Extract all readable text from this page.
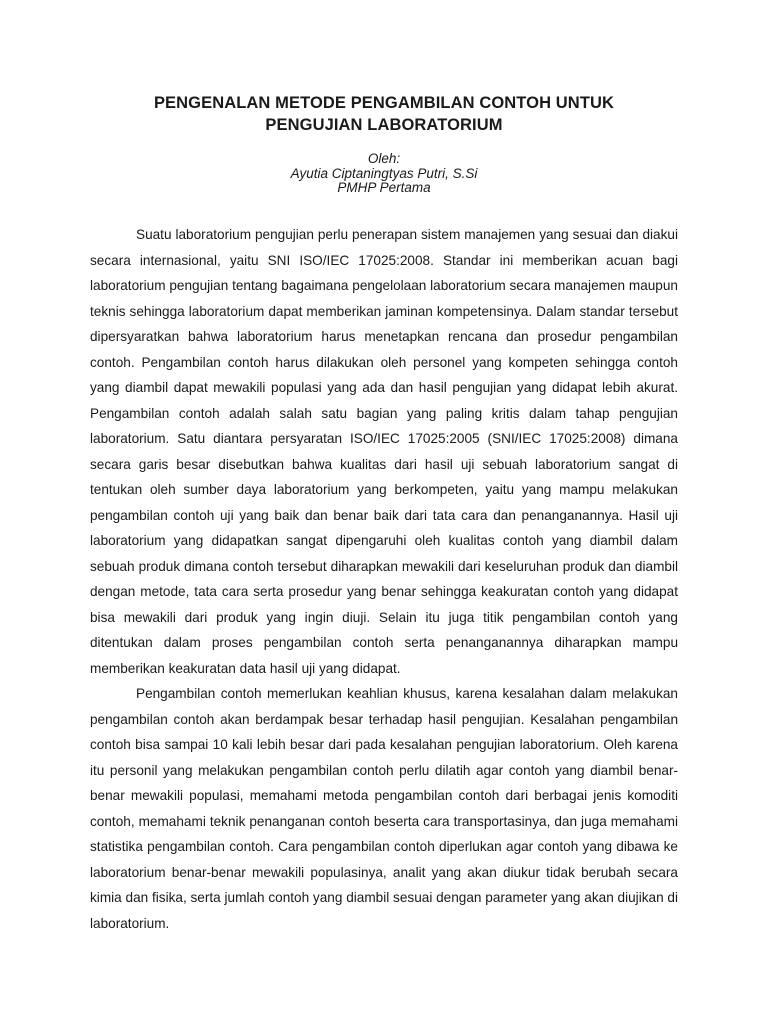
PENGENALAN METODE PENGAMBILAN CONTOH UNTUK
PENGUJIAN LABORATORIUM
Oleh:
Ayutia Ciptaningtyas Putri, S.Si
PMHP Pertama

Suatu laboratorium pengujian perlu penerapan sistem manajemen yang sesuai dan diakui secara internasional, yaitu SNI ISO/IEC 17025:2008. Standar ini memberikan acuan bagi laboratorium pengujian tentang bagaimana pengelolaan laboratorium secara manajemen maupun teknis sehingga laboratorium dapat memberikan jaminan kompetensinya. Dalam standar tersebut dipersyaratkan bahwa laboratorium harus menetapkan rencana dan prosedur pengambilan contoh. Pengambilan contoh harus dilakukan oleh personel yang kompeten sehingga contoh yang diambil dapat mewakili populasi yang ada dan hasil pengujian yang didapat lebih akurat. Pengambilan contoh adalah salah satu bagian yang paling kritis dalam tahap pengujian laboratorium. Satu diantara persyaratan ISO/IEC 17025:2005 (SNI/IEC 17025:2008) dimana secara garis besar disebutkan bahwa kualitas dari hasil uji sebuah laboratorium sangat di tentukan oleh sumber daya laboratorium yang berkompeten, yaitu yang mampu melakukan pengambilan contoh uji yang baik dan benar baik dari tata cara dan penanganannya. Hasil uji laboratorium yang didapatkan sangat dipengaruhi oleh kualitas contoh yang diambil dalam sebuah produk dimana contoh tersebut diharapkan mewakili dari keseluruhan produk dan diambil dengan metode, tata cara serta prosedur yang benar sehingga keakuratan contoh yang didapat bisa mewakili dari produk yang ingin diuji. Selain itu juga titik pengambilan contoh yang ditentukan dalam proses pengambilan contoh serta penanganannya diharapkan mampu memberikan keakuratan data hasil uji yang didapat.

Pengambilan contoh memerlukan keahlian khusus, karena kesalahan dalam melakukan pengambilan contoh akan berdampak besar terhadap hasil pengujian. Kesalahan pengambilan contoh bisa sampai 10 kali lebih besar dari pada kesalahan pengujian laboratorium. Oleh karena itu personil yang melakukan pengambilan contoh perlu dilatih agar contoh yang diambil benar-benar mewakili populasi, memahami metoda pengambilan contoh dari berbagai jenis komoditi contoh, memahami teknik penanganan contoh beserta cara transportasinya, dan juga memahami statistika pengambilan contoh. Cara pengambilan contoh diperlukan agar contoh yang dibawa ke laboratorium benar-benar mewakili populasinya, analit yang akan diukur tidak berubah secara kimia dan fisika, serta jumlah contoh yang diambil sesuai dengan parameter yang akan diujikan di laboratorium.
